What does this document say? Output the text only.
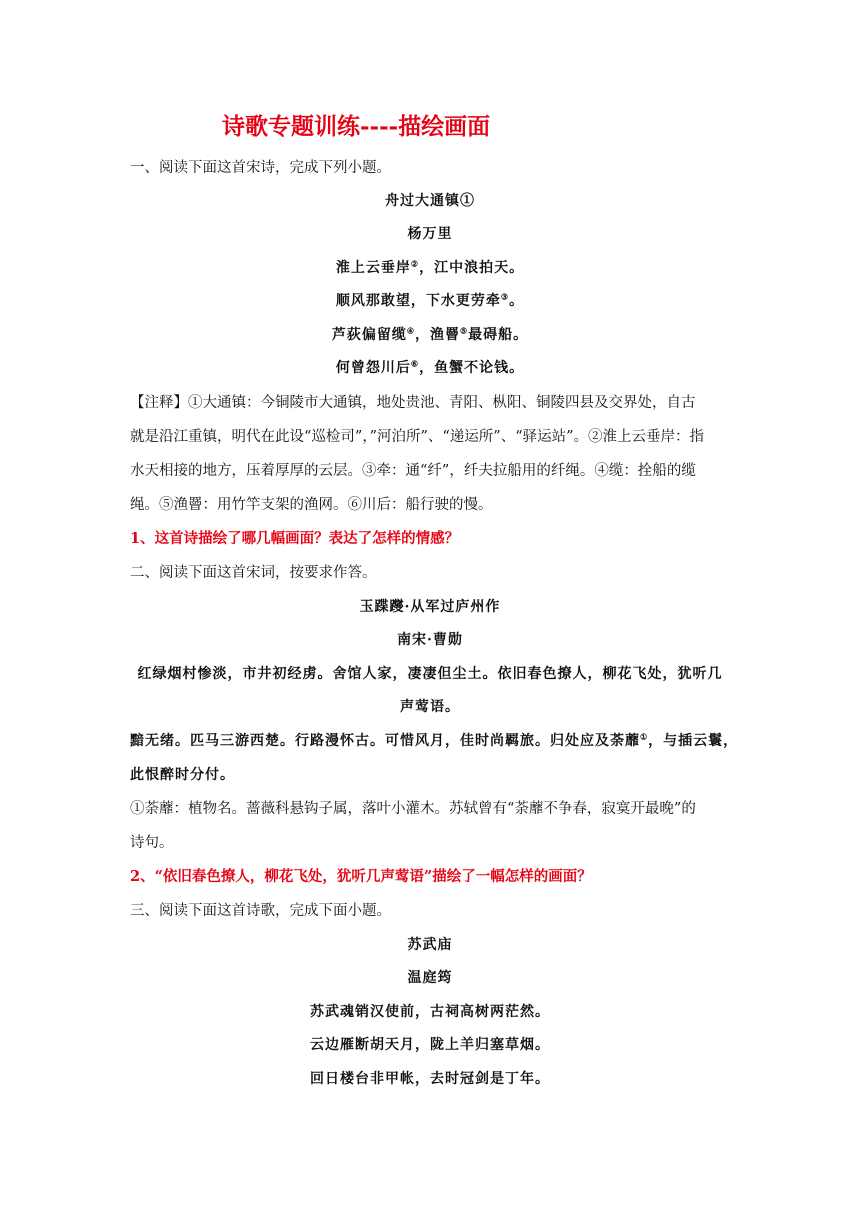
诗歌专题训练----描绘画面
一、阅读下面这首宋诗，完成下列小题。
舟过大通镇①
杨万里
淮上云垂岸②，江中浪拍天。
顺风那敢望，下水更劳牵③。
芦荻偏留缆④，渔罾⑤最碍船。
何曾怨川后⑥，鱼蟹不论钱。
【注释】①大通镇：今铜陵市大通镇，地处贵池、青阳、枞阳、铜陵四县及交界处，自古
就是沿江重镇，明代在此设“巡检司”，”河泊所”、“递运所”、“驿运站”。②淮上云垂岸：指
水天相接的地方，压着厚厚的云层。③牵：通“纤”，纤夫拉船用的纤绳。④缆：拴船的缆
绳。⑤渔罾：用竹竿支架的渔网。⑥川后：船行驶的慢。
1、这首诗描绘了哪几幅画面？表达了怎样的情感？
二、阅读下面这首宋词，按要求作答。
玉蹀躞·从军过庐州作
南宋·曹勋
红绿烟村惨淡，市井初经虏。舍馆人家，凄凄但尘土。依旧春色撩人，柳花飞处，犹听几
声莺语。
黯无绪。匹马三游西楚。行路漫怀古。可惜风月，佳时尚羁旅。归处应及荼蘼①，与插云鬟，
此恨醉时分付。
①荼蘼：植物名。蔷薇科悬钩子属，落叶小灌木。苏轼曾有“荼蘼不争春，寂寞开最晚”的
诗句。
2、“依旧春色撩人，柳花飞处，犹听几声莺语”描绘了一幅怎样的画面？
三、阅读下面这首诗歌，完成下面小题。
苏武庙
温庭筠
苏武魂销汉使前，古祠高树两茫然。
云边雁断胡天月，陇上羊归塞草烟。
回日楼台非甲帐，去时冠剑是丁年。
